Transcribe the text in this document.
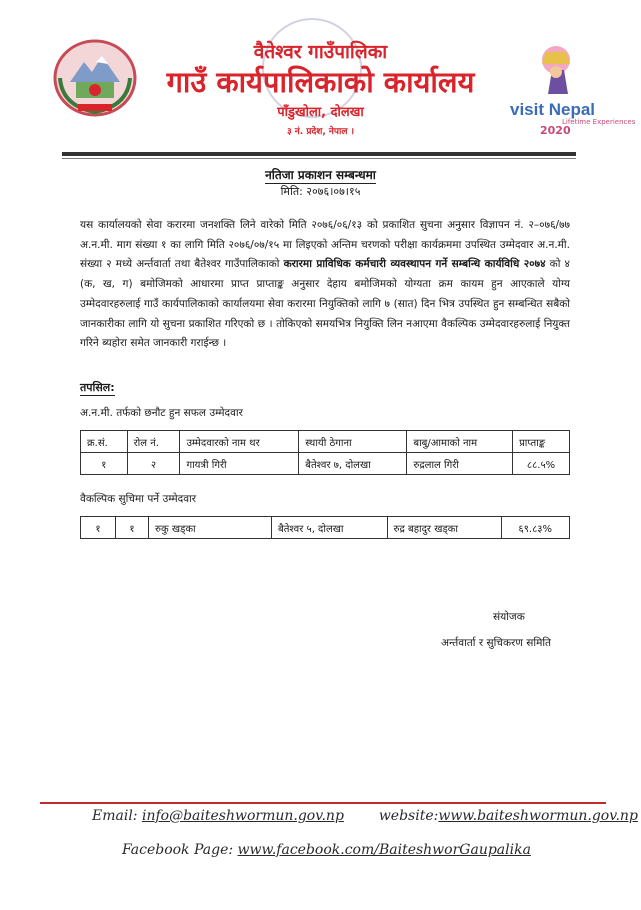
वैतेश्वर गाउँपालिका
गाउँ कार्यपालिकाको कार्यालय
पाँडुखोला, दोलखा
३ नं. प्रदेश, नेपाल ।
visit Nepal
Lifetime Experiences
2020
नतिजा प्रकाशन सम्बन्धमा
मिति: २०७६।०७।१५
यस कार्यालयको सेवा करारमा जनशक्ति लिने वारेको मिति २०७६/०६/१३ को प्रकाशित सुचना अनुसार विज्ञापन नं. २–०७६/७७ अ.न.मी. माग संख्या १ का लागि मिति २०७६/०७/१५ मा लिइएको अन्तिम चरणको परीक्षा कार्यक्रममा उपस्थित उम्मेदवार अ.न.मी. संख्या २ मध्ये अर्न्तवार्ता तथा बैतेश्वर गाउँपालिकाको करारमा प्राविधिक कर्मचारी व्यवस्थापन गर्ने सम्बन्धि कार्यविधि २०७४ को ४ (क, ख, ग) बमोजिमको आधारमा प्राप्त प्राप्ताङ्क अनुसार देहाय बमोजिमको योग्यता क्रम कायम हुन आएकाले योग्य उम्मेदवारहरुलाई गाउँ कार्यपालिकाको कार्यालयमा सेवा करारमा नियुक्तिको लागि ७ (सात) दिन भित्र उपस्थित हुन सम्बन्धित सबैको जानकारीका लागि यो सुचना प्रकाशित गरिएको छ । तोकिएको समयभित्र नियुक्ति लिन नआएमा वैकल्पिक उम्मेदवारहरुलाई नियुक्त गरिने ब्यहोरा समेत जानकारी गराईन्छ ।
तपसिल:
अ.न.मी. तर्फको छनौट हुन सफल उम्मेदवार
क्र.सं.	रोल नं.	उम्मेदवारको नाम थर	स्थायी ठेगाना	बाबु/आमाको नाम	प्राप्ताङ्क
१	२	गायत्री गिरी	बैतेश्वर ७, दोलखा	रुद्रलाल गिरी	८८.५%
वैकल्पिक सुचिमा पर्ने उम्मेदवार
१	१	रुकु खड्का	बैतेश्वर ५, दोलखा	रुद्र बहादुर खड्का	६९.८३%
संयोजक
अर्न्तवार्ता र सुचिकरण समिति
Email: info@baiteshwormun.gov.np website:www.baiteshwormun.gov.np
Facebook Page: www.facebook.com/BaiteshworGaupalika
